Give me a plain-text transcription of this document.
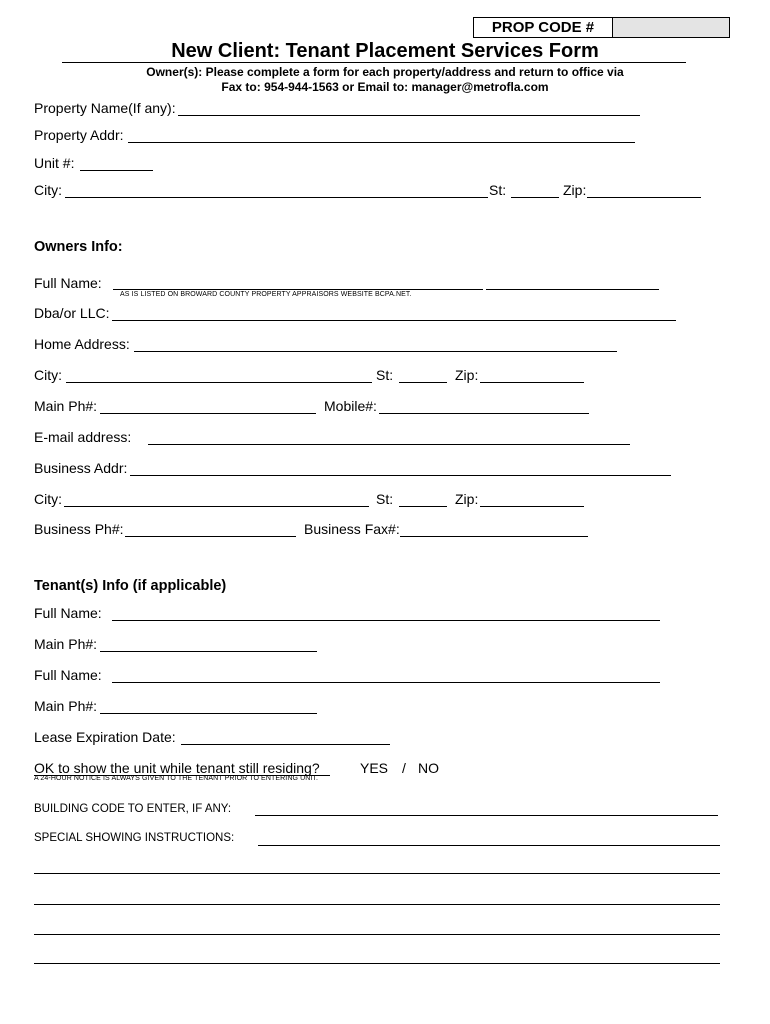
PROP CODE #
New Client: Tenant Placement Services Form
Owner(s): Please complete a form for each property/address and return to office via
Fax to: 954-944-1563 or Email to: manager@metrofla.com
Property Name(If any):
Property Addr:
Unit #:
City:	St:	Zip:
Owners Info:
Full Name:
AS IS LISTED ON BROWARD COUNTY PROPERTY APPRAISORS WEBSITE BCPA.NET.
Dba/or LLC:
Home Address:
City:	St:	Zip:
Main Ph#:	Mobile#:
E-mail address:
Business Addr:
City:	St:	Zip:
Business Ph#:	Business Fax#:
Tenant(s) Info (if applicable)
Full Name:
Main Ph#:
Full Name:
Main Ph#:
Lease Expiration Date:
OK to show the unit while tenant still residing?	YES / NO
A 24-HOUR NOTICE IS ALWAYS GIVEN TO THE TENANT PRIOR TO ENTERING UNIT.
BUILDING CODE TO ENTER, IF ANY:
SPECIAL SHOWING INSTRUCTIONS:
